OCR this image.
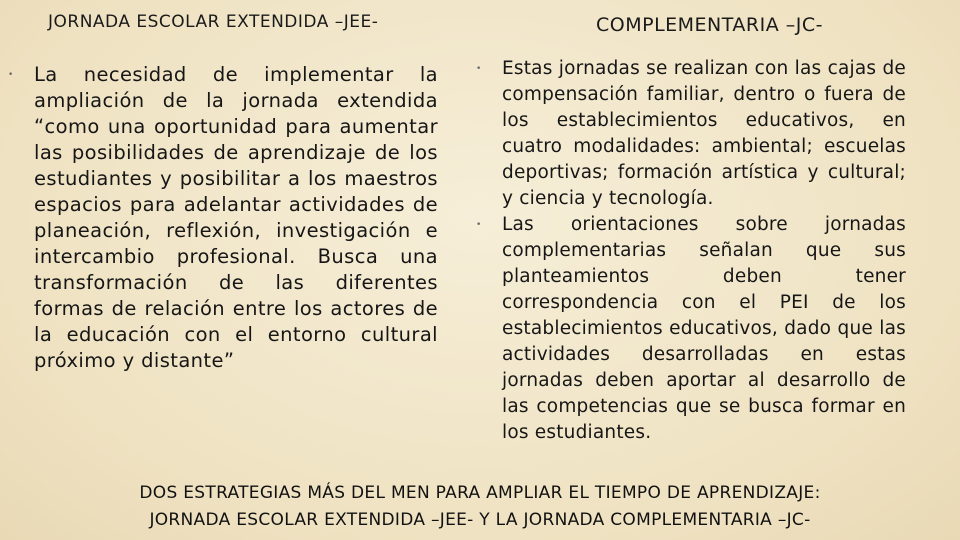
JORNADA ESCOLAR EXTENDIDA –JEE-	COMPLEMENTARIA –JC-
• La necesidad de implementar la ampliación de la jornada extendida “como una oportunidad para aumentar las posibilidades de aprendizaje de los estudiantes y posibilitar a los maestros espacios para adelantar actividades de planeación, reflexión, investigación e intercambio profesional. Busca una transformación de las diferentes formas de relación entre los actores de la educación con el entorno cultural próximo y distante”
• Estas jornadas se realizan con las cajas de compensación familiar, dentro o fuera de los establecimientos educativos, en cuatro modalidades: ambiental; escuelas deportivas; formación artística y cultural; y ciencia y tecnología.
• Las orientaciones sobre jornadas complementarias señalan que sus planteamientos deben tener correspondencia con el PEI de los establecimientos educativos, dado que las actividades desarrolladas en estas jornadas deben aportar al desarrollo de las competencias que se busca formar en los estudiantes.
DOS ESTRATEGIAS MÁS DEL MEN PARA AMPLIAR EL TIEMPO DE APRENDIZAJE:
JORNADA ESCOLAR EXTENDIDA –JEE- Y LA JORNADA COMPLEMENTARIA –JC-
